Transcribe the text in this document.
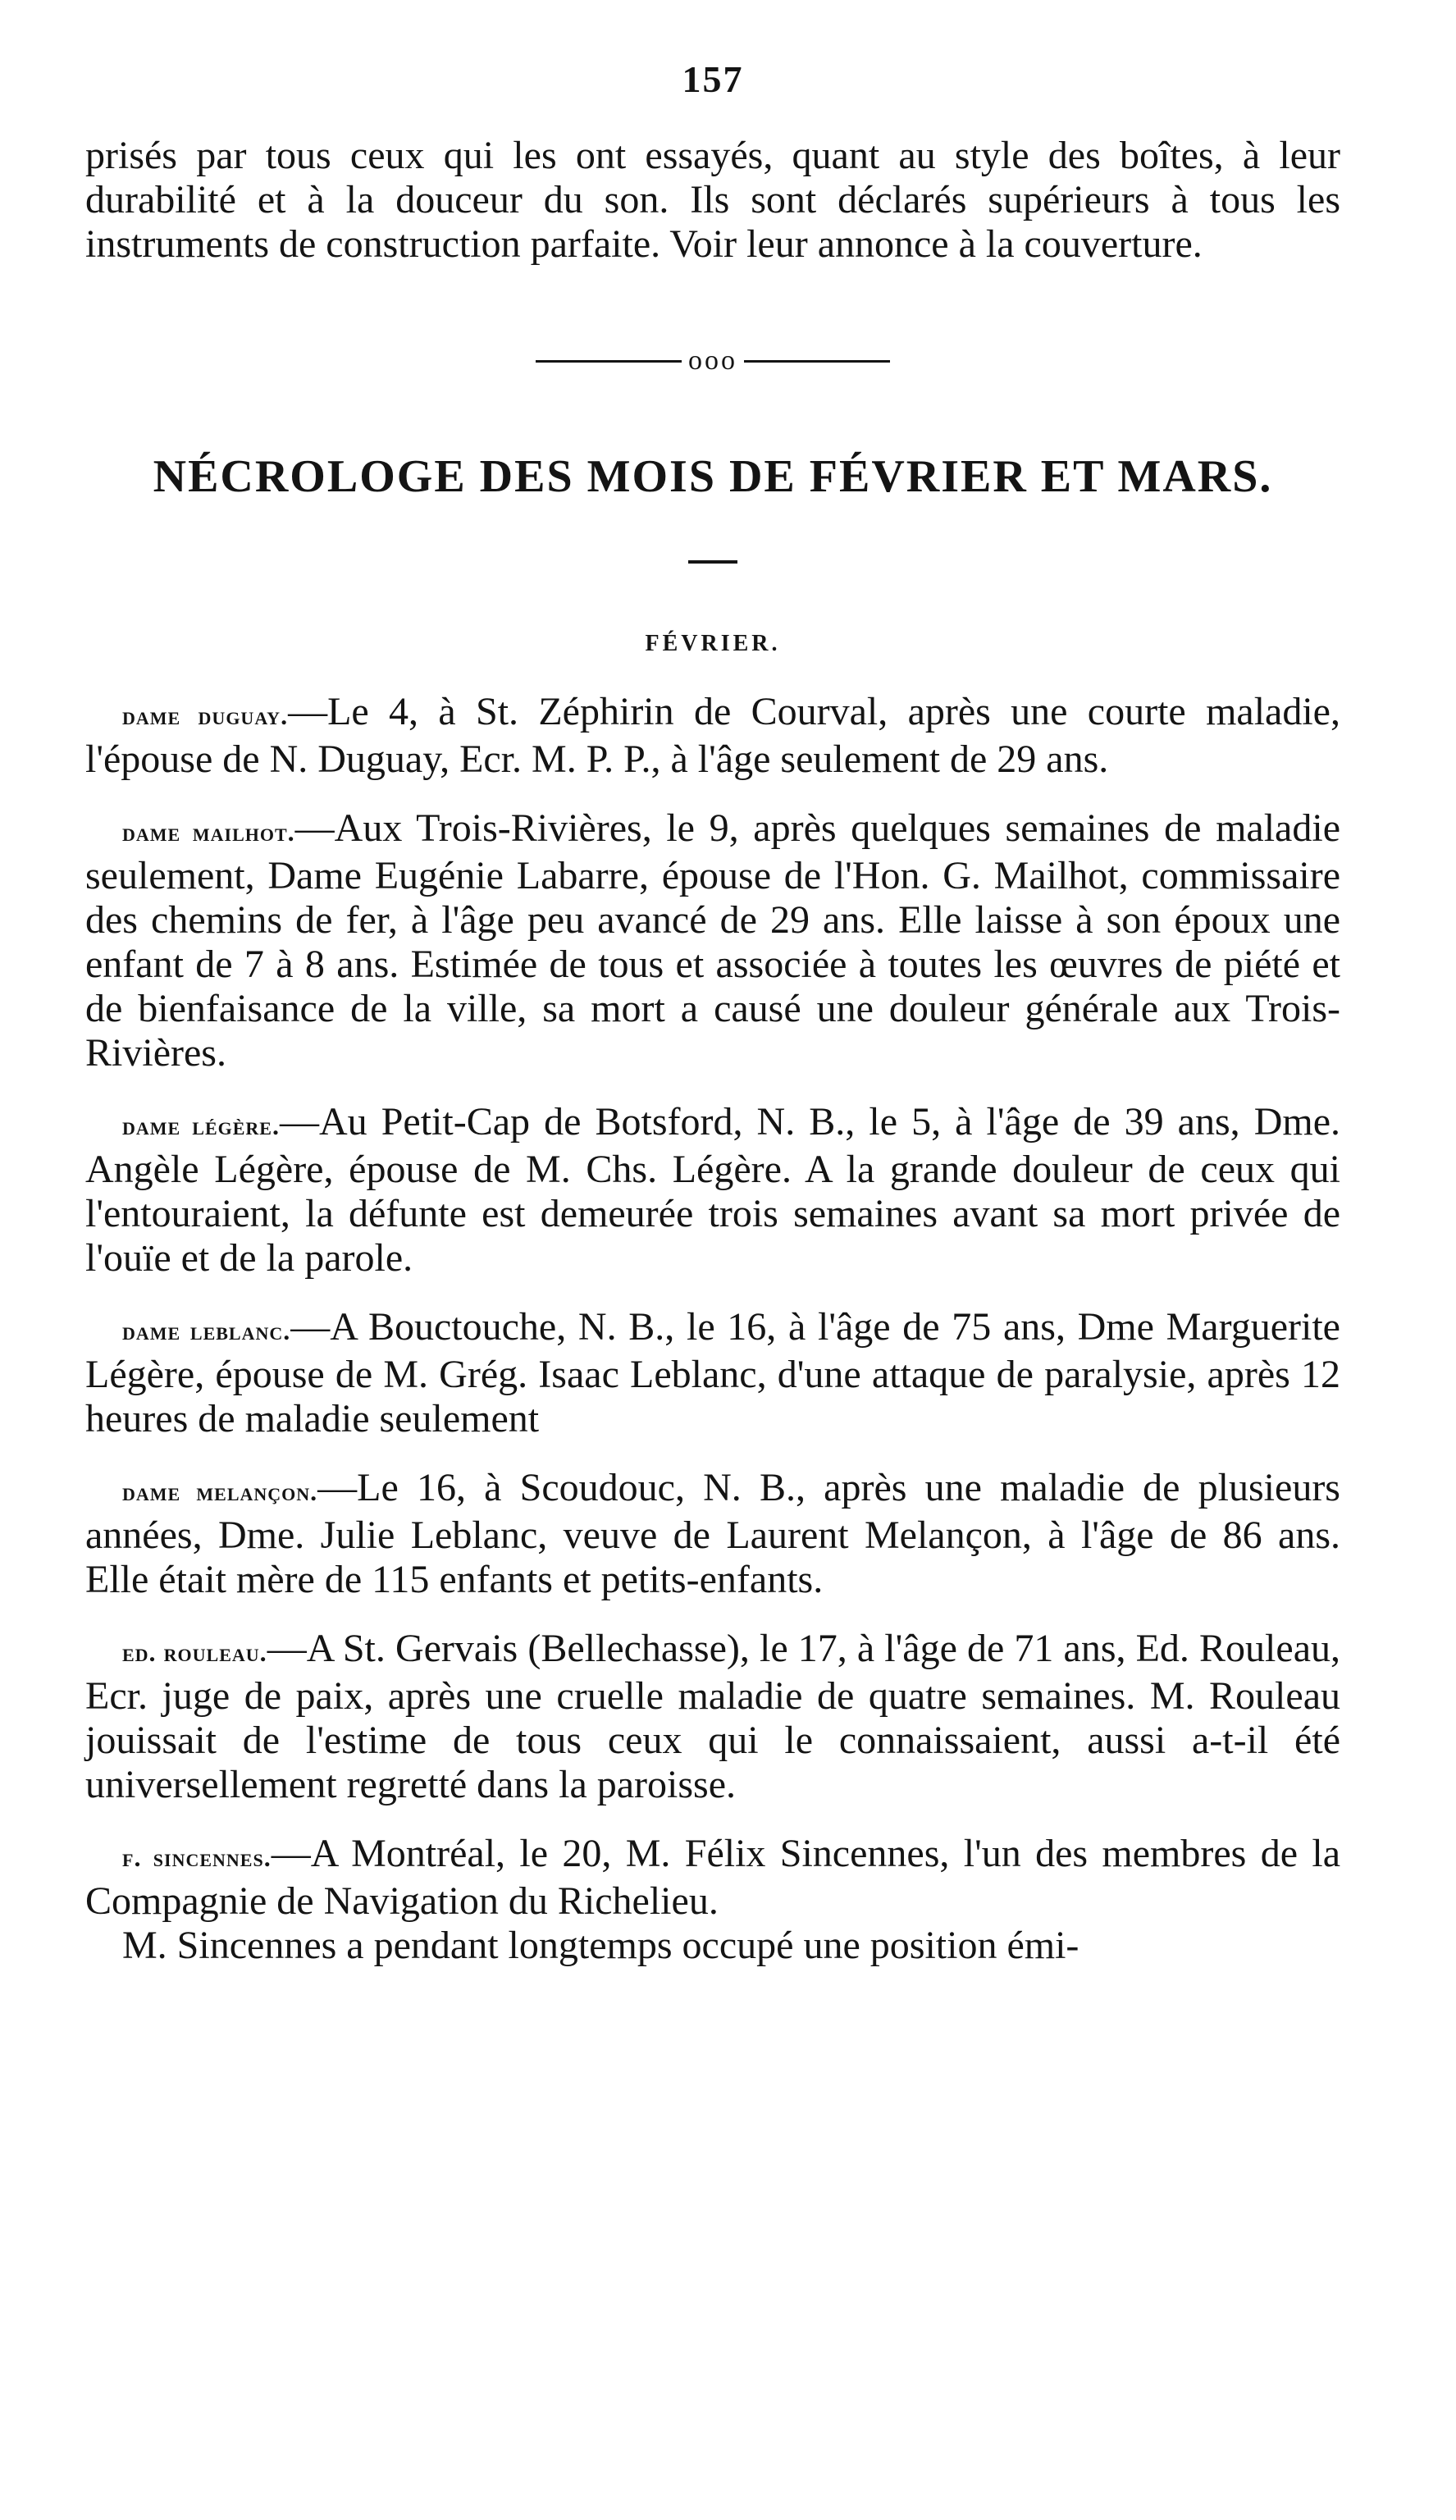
157

prisés par tous ceux qui les ont essayés, quant au style des boîtes, à leur durabilité et à la douceur du son. Ils sont déclarés supérieurs à tous les instruments de construction parfaite. Voir leur annonce à la couverture.

ooo
NÉCROLOGE DES MOIS DE FÉVRIER ET MARS.
FÉVRIER.

dame duguay.—Le 4, à St. Zéphirin de Courval, après une courte maladie, l'épouse de N. Duguay, Ecr. M. P. P., à l'âge seulement de 29 ans.

dame mailhot.—Aux Trois-Rivières, le 9, après quelques semaines de maladie seulement, Dame Eugénie Labarre, épouse de l'Hon. G. Mailhot, commissaire des chemins de fer, à l'âge peu avancé de 29 ans. Elle laisse à son époux une enfant de 7 à 8 ans. Estimée de tous et associée à toutes les œuvres de piété et de bienfaisance de la ville, sa mort a causé une douleur générale aux Trois-Rivières.

dame légère.—Au Petit-Cap de Botsford, N. B., le 5, à l'âge de 39 ans, Dme. Angèle Légère, épouse de M. Chs. Légère. A la grande douleur de ceux qui l'entouraient, la défunte est demeurée trois semaines avant sa mort privée de l'ouïe et de la parole.

dame leblanc.—A Bouctouche, N. B., le 16, à l'âge de 75 ans, Dme Marguerite Légère, épouse de M. Grég. Isaac Leblanc, d'une attaque de paralysie, après 12 heures de maladie seulement

dame melançon.—Le 16, à Scoudouc, N. B., après une maladie de plusieurs années, Dme. Julie Leblanc, veuve de Laurent Melançon, à l'âge de 86 ans. Elle était mère de 115 enfants et petits-enfants.

ed. rouleau.—A St. Gervais (Bellechasse), le 17, à l'âge de 71 ans, Ed. Rouleau, Ecr. juge de paix, après une cruelle maladie de quatre semaines. M. Rouleau jouissait de l'estime de tous ceux qui le connaissaient, aussi a-t-il été universellement regretté dans la paroisse.

f. sincennes.—A Montréal, le 20, M. Félix Sincennes, l'un des membres de la Compagnie de Navigation du Richelieu.

M. Sincennes a pendant longtemps occupé une position émi-
